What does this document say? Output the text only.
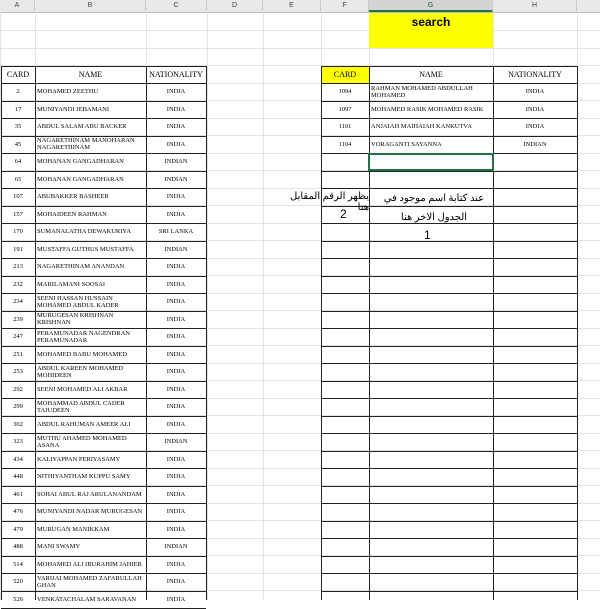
A	B	C	D	E	F	G	H
search
CARD	NAME	NATIONALITY
2	MOHAMED ZEETHU	INDIA
17	MUNIYANDI JEBAMANI	INDIA
35	ABDUL SALAM ABU BACKER	INDIA
45	NAGARETHINAM MANOHARAN NAGARETHINAM	INDIA
64	MOHANAN GANGADHARAN	INDIAN
65	MOHANAN GANGADHARAN	INDIAN
107	ABUBAKKER BASHEER	INDIA
157	MOHAIDEEN RAHMAN	INDIA
170	SUMANALATHA DEWAKURIYA	SRI LANKA
191	MUSTAFFA GUTHUS MUSTAFFA	INDIAN
213	NAGARETHINAM ANANDAN	INDIA
232	MARILAMANI SOOSAI	INDIA
234	SEENI HASSAN HUSSAIN MOHAMED ABDUL KADER	INDIA
239	MURUGESAN KRISHNAN KRISHNAN	INDIA
247	PERAMUNADAR NAGENDRAN PERAMUNADAR	INDIA
251	MOHAMED BABU MOHAMED	INDIA
253	ABDUL KAREEN MOHAMED MOHIDEEN	INDIA
292	SEENI MOHAMED ALI AKBAR	INDIA
299	MOHAMMAD ABDUL CADER TAJUDEEN	INDIA
302	ABDUL RAHUMAN AMEER ALI	INDIA
323	MUTHU AHAMED MOHAMED ASANA	INDIAN
434	KALIYAPPAN PERIYASAMY	INDIA
448	NITHIYANTHAM KUPPU SAMY	INDIA
461	SOHAI ABUL RAJ ARULANANDAM	INDIA
476	MUNIYANDI NADAR MURUGESAN	INDIA
479	MURUGAN MANIKKAM	INDIA
488	MANI SWAMY	INDIAN
514	MOHAMED ALI IBURAHIM JAHIER	INDIA
520	VARIJAI MOHAMED ZAFARULLAH GHAN	INDIA
526	VENKATACHALAM SARAVANAN	INDIA
CARD	NAME	NATIONALITY
1094	RAHMAN MOHAMED ABDULLAH MOHAMED	INDIA
1097	MOHAMED RASIK MOHAMED RASIK	INDIA
1101	ANJAIAH MAIHAIAH KANKUTVA	INDIA
1104	VORAGANTI SAYANNA	INDIAN
عند كتابة اسم موجود في الجدول الاخر هنا
1
يظهر الرقم المقابل هنا
2
